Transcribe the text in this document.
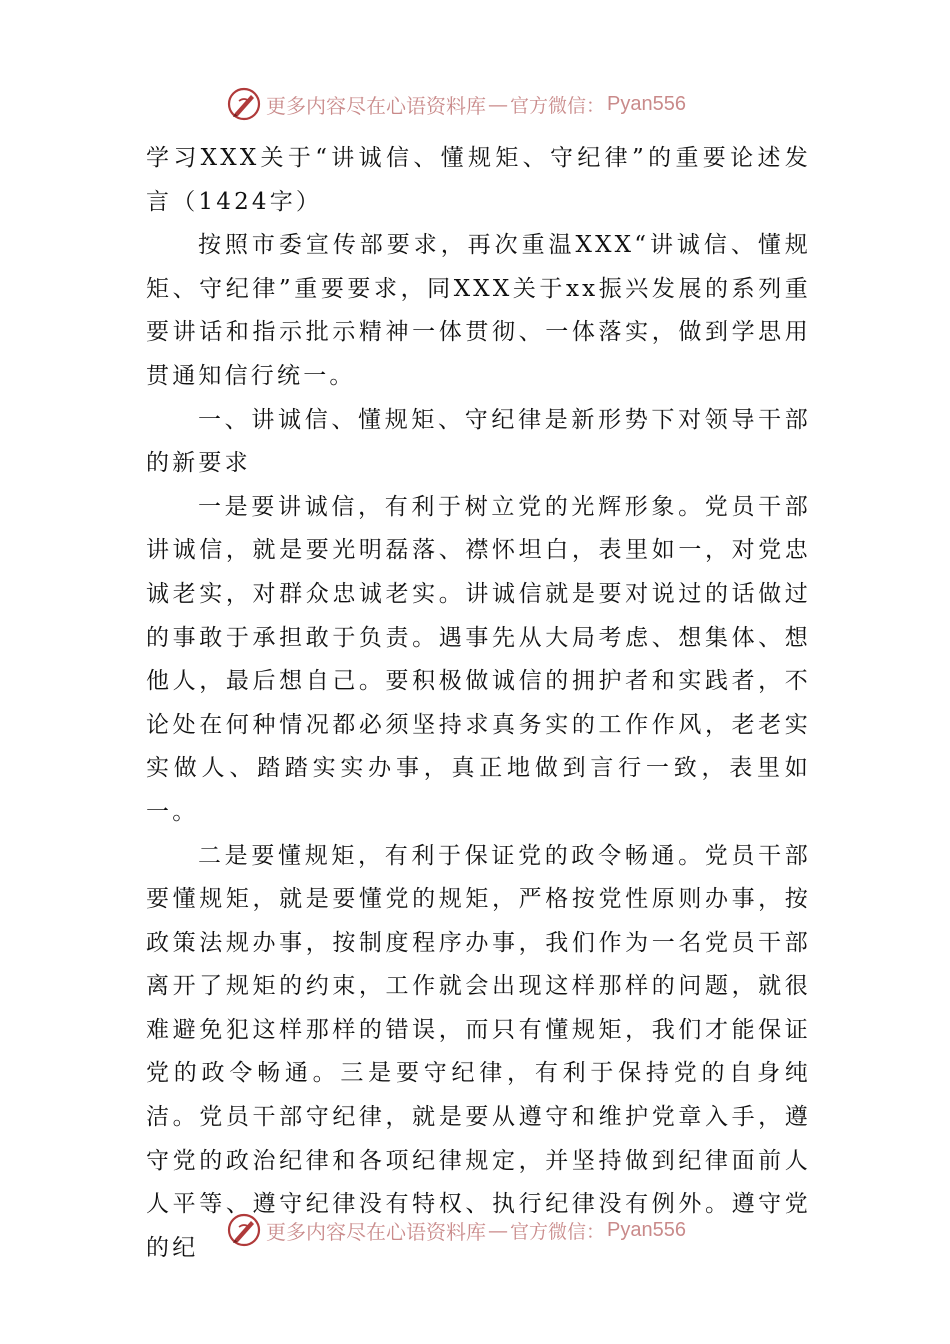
更多内容尽在心语资料库 — 官方微信： Pyan556

学习XXX关于“讲诚信、懂规矩、守纪律”的重要论述发言（1424字）

按照市委宣传部要求，再次重温XXX“讲诚信、懂规矩、守纪律”重要要求，同XXX关于xx振兴发展的系列重要讲话和指示批示精神一体贯彻、一体落实，做到学思用贯通知信行统一。

一、讲诚信、懂规矩、守纪律是新形势下对领导干部的新要求

一是要讲诚信，有利于树立党的光辉形象。党员干部讲诚信，就是要光明磊落、襟怀坦白，表里如一，对党忠诚老实，对群众忠诚老实。讲诚信就是要对说过的话做过的事敢于承担敢于负责。遇事先从大局考虑、想集体、想他人，最后想自己。要积极做诚信的拥护者和实践者，不论处在何种情况都必须坚持求真务实的工作作风，老老实实做人、踏踏实实办事，真正地做到言行一致，表里如一。

二是要懂规矩，有利于保证党的政令畅通。党员干部要懂规矩，就是要懂党的规矩，严格按党性原则办事，按政策法规办事，按制度程序办事，我们作为一名党员干部离开了规矩的约束，工作就会出现这样那样的问题，就很难避免犯这样那样的错误，而只有懂规矩，我们才能保证党的政令畅通。三是要守纪律，有利于保持党的自身纯洁。党员干部守纪律，就是要从遵守和维护党章入手，遵守党的政治纪律和各项纪律规定，并坚持做到纪律面前人人平等、遵守纪律没有特权、执行纪律没有例外。遵守党的纪

更多内容尽在心语资料库 — 官方微信： Pyan556
